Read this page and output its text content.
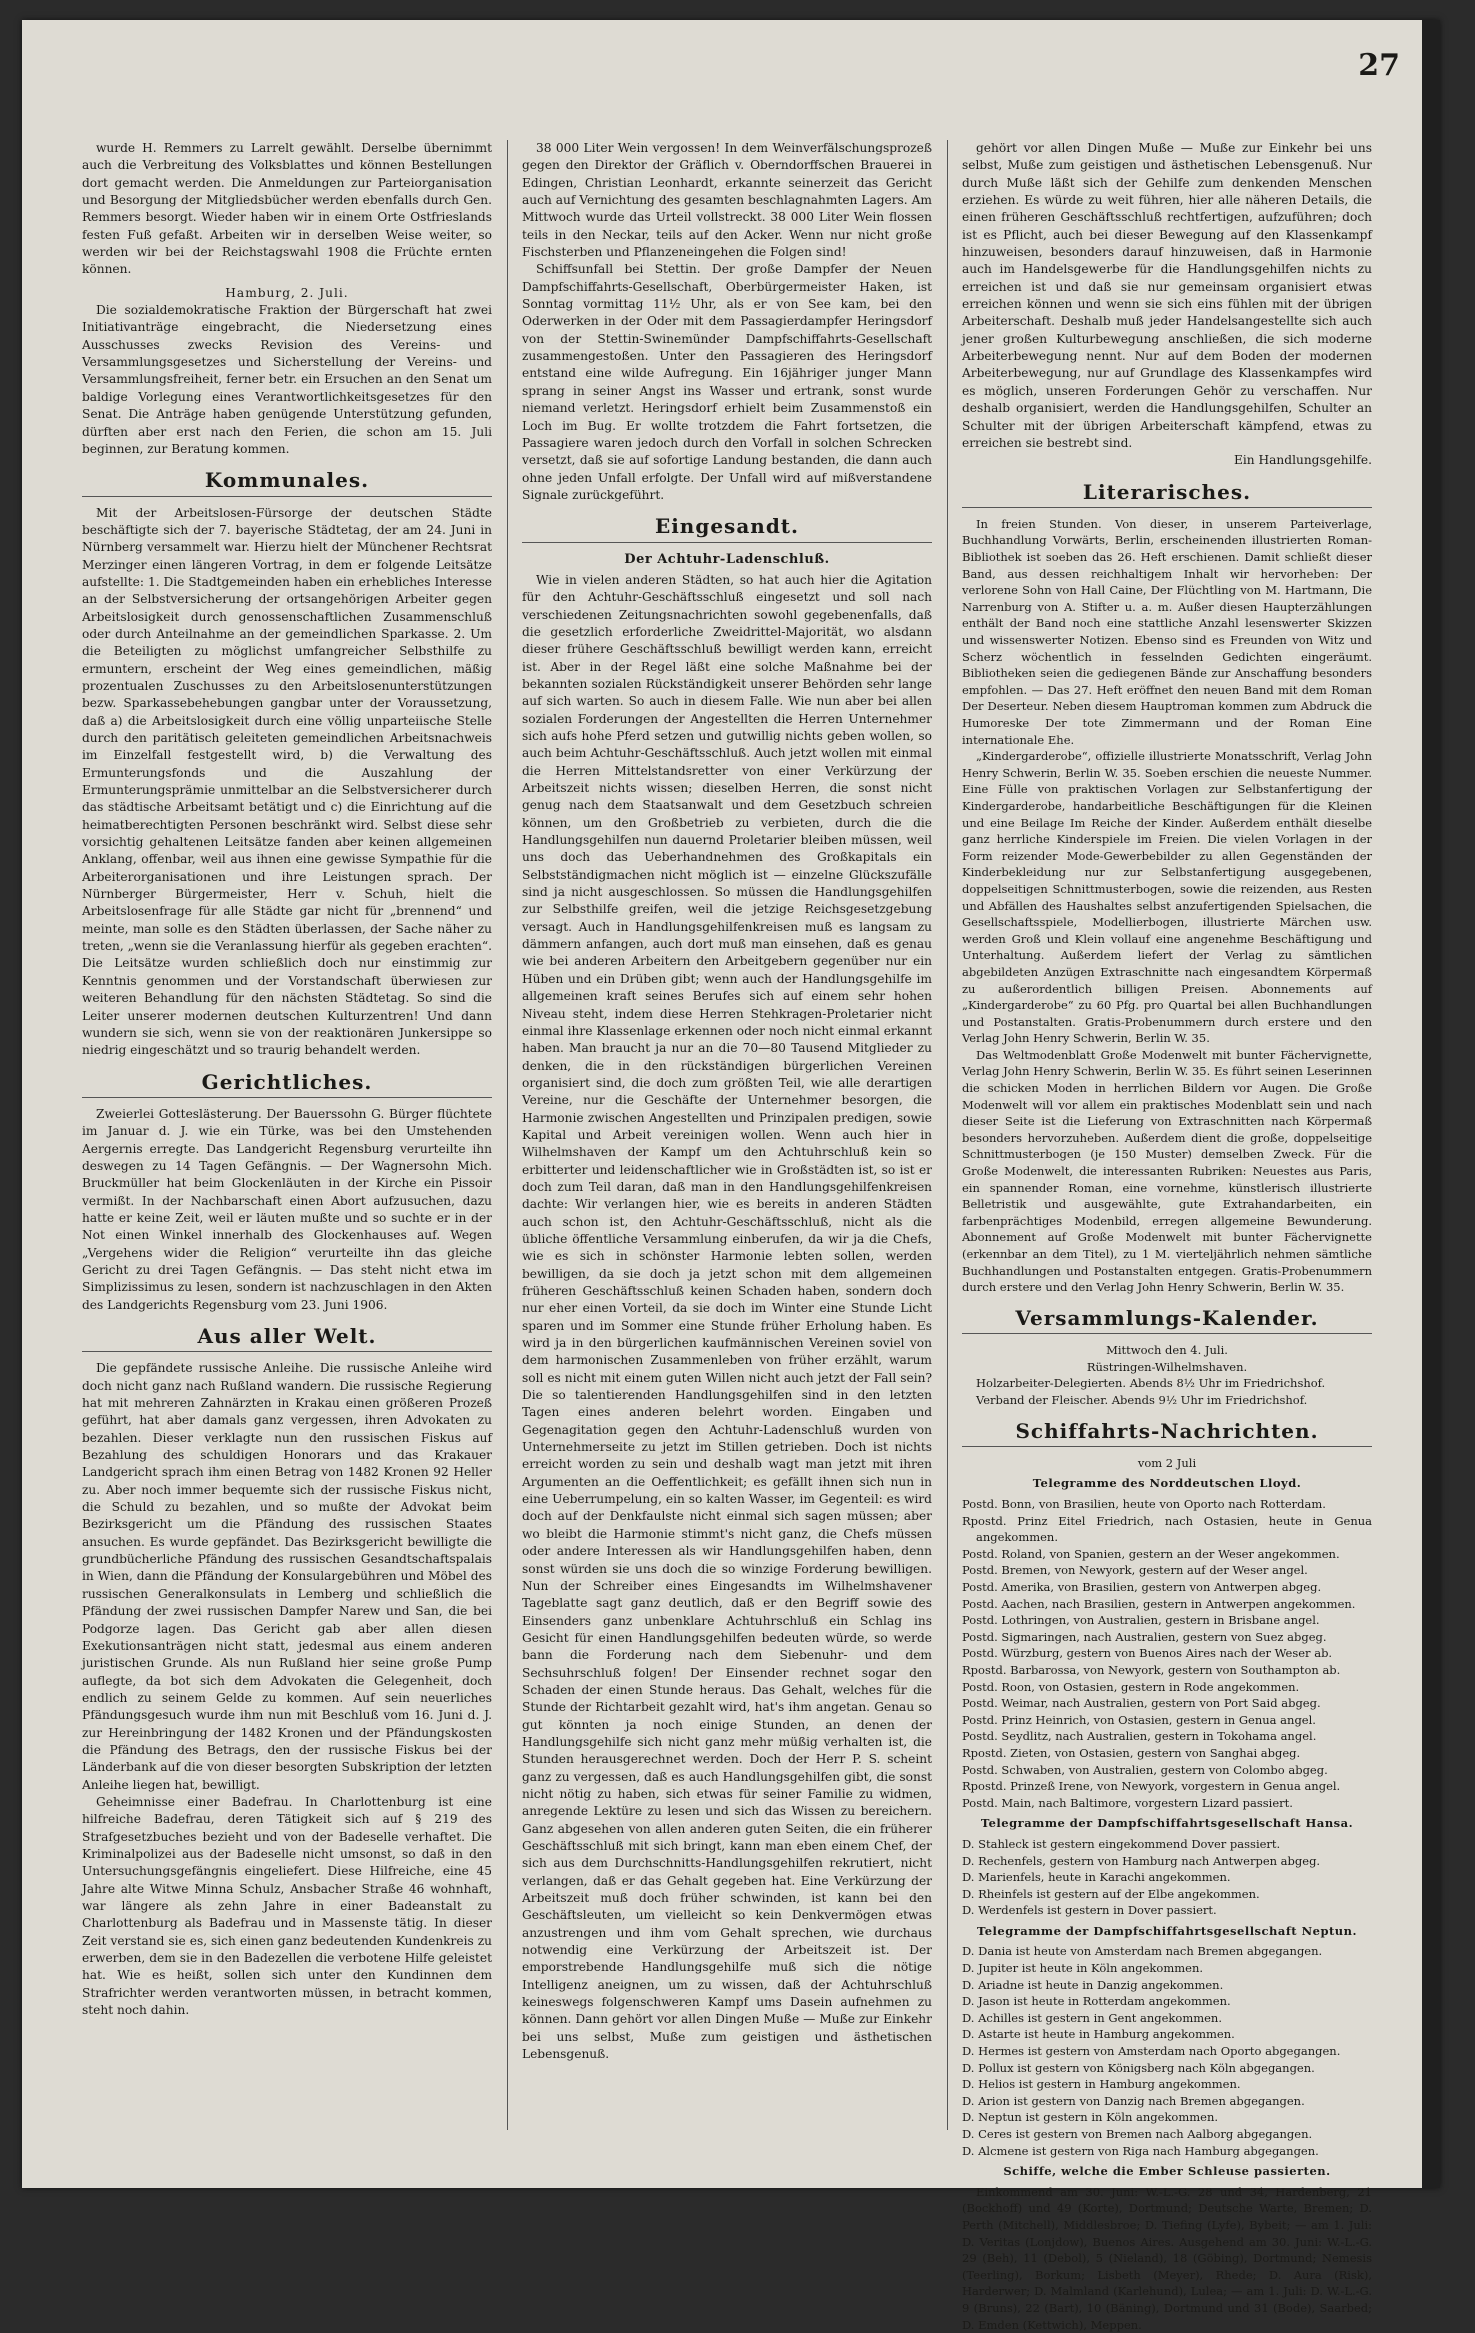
27

wurde H. Remmers zu Larrelt gewählt. Derselbe übernimmt auch die Verbreitung des Volksblattes und können Bestellungen dort gemacht werden. Die Anmeldungen zur Parteiorganisation und Besorgung der Mitgliedsbücher werden ebenfalls durch Gen. Remmers besorgt. Wieder haben wir in einem Orte Ostfrieslands festen Fuß gefaßt. Arbeiten wir in derselben Weise weiter, so werden wir bei der Reichstagswahl 1908 die Früchte ernten können.

Hamburg, 2. Juli.

Die sozialdemokratische Fraktion der Bürgerschaft hat zwei Initiativanträge eingebracht, die Niedersetzung eines Ausschusses zwecks Revision des Vereins- und Versammlungsgesetzes und Sicherstellung der Vereins- und Versammlungsfreiheit, ferner betr. ein Ersuchen an den Senat um baldige Vorlegung eines Verantwortlichkeitsgesetzes für den Senat. Die Anträge haben genügende Unterstützung gefunden, dürften aber erst nach den Ferien, die schon am 15. Juli beginnen, zur Beratung kommen.

Kommunales.

Mit der Arbeitslosen-Fürsorge der deutschen Städte beschäftigte sich der 7. bayerische Städtetag, der am 24. Juni in Nürnberg versammelt war. Hierzu hielt der Münchener Rechtsrat Merzinger einen längeren Vortrag, in dem er folgende Leitsätze aufstellte: 1. Die Stadtgemeinden haben ein erhebliches Interesse an der Selbstversicherung der ortsangehörigen Arbeiter gegen Arbeitslosigkeit durch genossenschaftlichen Zusammenschluß oder durch Anteilnahme an der gemeindlichen Sparkasse. 2. Um die Beteiligten zu möglichst umfangreicher Selbsthilfe zu ermuntern, erscheint der Weg eines gemeindlichen, mäßig prozentualen Zuschusses zu den Arbeitslosenunterstützungen bezw. Sparkassebehebungen gangbar unter der Voraussetzung, daß a) die Arbeitslosigkeit durch eine völlig unparteiische Stelle durch den paritätisch geleiteten gemeindlichen Arbeitsnachweis im Einzelfall festgestellt wird, b) die Verwaltung des Ermunterungsfonds und die Auszahlung der Ermunterungsprämie unmittelbar an die Selbstversicherer durch das städtische Arbeitsamt betätigt und c) die Einrichtung auf die heimatberechtigten Personen beschränkt wird. Selbst diese sehr vorsichtig gehaltenen Leitsätze fanden aber keinen allgemeinen Anklang, offenbar, weil aus ihnen eine gewisse Sympathie für die Arbeiterorganisationen und ihre Leistungen sprach. Der Nürnberger Bürgermeister, Herr v. Schuh, hielt die Arbeitslosenfrage für alle Städte gar nicht für „brennend“ und meinte, man solle es den Städten überlassen, der Sache näher zu treten, „wenn sie die Veranlassung hierfür als gegeben erachten“. Die Leitsätze wurden schließlich doch nur einstimmig zur Kenntnis genommen und der Vorstandschaft überwiesen zur weiteren Behandlung für den nächsten Städtetag. So sind die Leiter unserer modernen deutschen Kulturzentren! Und dann wundern sie sich, wenn sie von der reaktionären Junkersippe so niedrig eingeschätzt und so traurig behandelt werden.

Gerichtliches.

Zweierlei Gotteslästerung. Der Bauerssohn G. Bürger flüchtete im Januar d. J. wie ein Türke, was bei den Umstehenden Aergernis erregte. Das Landgericht Regensburg verurteilte ihn deswegen zu 14 Tagen Gefängnis. — Der Wagnersohn Mich. Bruckmüller hat beim Glockenläuten in der Kirche ein Pissoir vermißt. In der Nachbarschaft einen Abort aufzusuchen, dazu hatte er keine Zeit, weil er läuten mußte und so suchte er in der Not einen Winkel innerhalb des Glockenhauses auf. Wegen „Vergehens wider die Religion“ verurteilte ihn das gleiche Gericht zu drei Tagen Gefängnis. — Das steht nicht etwa im Simplizissimus zu lesen, sondern ist nachzuschlagen in den Akten des Landgerichts Regensburg vom 23. Juni 1906.

Aus aller Welt.

Die gepfändete russische Anleihe. Die russische Anleihe wird doch nicht ganz nach Rußland wandern. Die russische Regierung hat mit mehreren Zahnärzten in Krakau einen größeren Prozeß geführt, hat aber damals ganz vergessen, ihren Advokaten zu bezahlen. Dieser verklagte nun den russischen Fiskus auf Bezahlung des schuldigen Honorars und das Krakauer Landgericht sprach ihm einen Betrag von 1482 Kronen 92 Heller zu. Aber noch immer bequemte sich der russische Fiskus nicht, die Schuld zu bezahlen, und so mußte der Advokat beim Bezirksgericht um die Pfändung des russischen Staates ansuchen. Es wurde gepfändet. Das Bezirksgericht bewilligte die grundbücherliche Pfändung des russischen Gesandtschaftspalais in Wien, dann die Pfändung der Konsulargebühren und Möbel des russischen Generalkonsulats in Lemberg und schließlich die Pfändung der zwei russischen Dampfer Narew und San, die bei Podgorze lagen. Das Gericht gab aber allen diesen Exekutionsanträgen nicht statt, jedesmal aus einem anderen juristischen Grunde. Als nun Rußland hier seine große Pump auflegte, da bot sich dem Advokaten die Gelegenheit, doch endlich zu seinem Gelde zu kommen. Auf sein neuerliches Pfändungsgesuch wurde ihm nun mit Beschluß vom 16. Juni d. J. zur Hereinbringung der 1482 Kronen und der Pfändungskosten die Pfändung des Betrags, den der russische Fiskus bei der Länderbank auf die von dieser besorgten Subskription der letzten Anleihe liegen hat, bewilligt.

Geheimnisse einer Badefrau. In Charlottenburg ist eine hilfreiche Badefrau, deren Tätigkeit sich auf § 219 des Strafgesetzbuches bezieht und von der Badeselle verhaftet. Die Kriminalpolizei aus der Badeselle nicht umsonst, so daß in den Untersuchungsgefängnis eingeliefert. Diese Hilfreiche, eine 45 Jahre alte Witwe Minna Schulz, Ansbacher Straße 46 wohnhaft, war längere als zehn Jahre in einer Badeanstalt zu Charlottenburg als Badefrau und in Massenste tätig. In dieser Zeit verstand sie es, sich einen ganz bedeutenden Kundenkreis zu erwerben, dem sie in den Badezellen die verbotene Hilfe geleistet hat. Wie es heißt, sollen sich unter den Kundinnen dem Strafrichter werden verantworten müssen, in betracht kommen, steht noch dahin.

38 000 Liter Wein vergossen! In dem Weinverfälschungsprozeß gegen den Direktor der Gräflich v. Oberndorffschen Brauerei in Edingen, Christian Leonhardt, erkannte seinerzeit das Gericht auch auf Vernichtung des gesamten beschlagnahmten Lagers. Am Mittwoch wurde das Urteil vollstreckt. 38 000 Liter Wein flossen teils in den Neckar, teils auf den Acker. Wenn nur nicht große Fischsterben und Pflanzeneingehen die Folgen sind!

Schiffsunfall bei Stettin. Der große Dampfer der Neuen Dampfschiffahrts-Gesellschaft, Oberbürgermeister Haken, ist Sonntag vormittag 11½ Uhr, als er von See kam, bei den Oderwerken in der Oder mit dem Passagierdampfer Heringsdorf von der Stettin-Swinemünder Dampfschiffahrts-Gesellschaft zusammengestoßen. Unter den Passagieren des Heringsdorf entstand eine wilde Aufregung. Ein 16jähriger junger Mann sprang in seiner Angst ins Wasser und ertrank, sonst wurde niemand verletzt. Heringsdorf erhielt beim Zusammenstoß ein Loch im Bug. Er wollte trotzdem die Fahrt fortsetzen, die Passagiere waren jedoch durch den Vorfall in solchen Schrecken versetzt, daß sie auf sofortige Landung bestanden, die dann auch ohne jeden Unfall erfolgte. Der Unfall wird auf mißverstandene Signale zurückgeführt.

Eingesandt.
Der Achtuhr-Ladenschluß.

Wie in vielen anderen Städten, so hat auch hier die Agitation für den Achtuhr-Geschäftsschluß eingesetzt und soll nach verschiedenen Zeitungsnachrichten sowohl gegebenenfalls, daß die gesetzlich erforderliche Zweidrittel-Majorität, wo alsdann dieser frühere Geschäftsschluß bewilligt werden kann, erreicht ist. Aber in der Regel läßt eine solche Maßnahme bei der bekannten sozialen Rückständigkeit unserer Behörden sehr lange auf sich warten. So auch in diesem Falle. Wie nun aber bei allen sozialen Forderungen der Angestellten die Herren Unternehmer sich aufs hohe Pferd setzen und gutwillig nichts geben wollen, so auch beim Achtuhr-Geschäftsschluß. Auch jetzt wollen mit einmal die Herren Mittelstandsretter von einer Verkürzung der Arbeitszeit nichts wissen; dieselben Herren, die sonst nicht genug nach dem Staatsanwalt und dem Gesetzbuch schreien können, um den Großbetrieb zu verbieten, durch die die Handlungsgehilfen nun dauernd Proletarier bleiben müssen, weil uns doch das Ueberhandnehmen des Großkapitals ein Selbstständigmachen nicht möglich ist — einzelne Glückszufälle sind ja nicht ausgeschlossen. So müssen die Handlungsgehilfen zur Selbsthilfe greifen, weil die jetzige Reichsgesetzgebung versagt. Auch in Handlungsgehilfenkreisen muß es langsam zu dämmern anfangen, auch dort muß man einsehen, daß es genau wie bei anderen Arbeitern den Arbeitgebern gegenüber nur ein Hüben und ein Drüben gibt; wenn auch der Handlungsgehilfe im allgemeinen kraft seines Berufes sich auf einem sehr hohen Niveau steht, indem diese Herren Stehkragen-Proletarier nicht einmal ihre Klassenlage erkennen oder noch nicht einmal erkannt haben. Man braucht ja nur an die 70—80 Tausend Mitglieder zu denken, die in den rückständigen bürgerlichen Vereinen organisiert sind, die doch zum größten Teil, wie alle derartigen Vereine, nur die Geschäfte der Unternehmer besorgen, die Harmonie zwischen Angestellten und Prinzipalen predigen, sowie Kapital und Arbeit vereinigen wollen. Wenn auch hier in Wilhelmshaven der Kampf um den Achtuhrschluß kein so erbitterter und leidenschaftlicher wie in Großstädten ist, so ist er doch zum Teil daran, daß man in den Handlungsgehilfenkreisen dachte: Wir verlangen hier, wie es bereits in anderen Städten auch schon ist, den Achtuhr-Geschäftsschluß, nicht als die übliche öffentliche Versammlung einberufen, da wir ja die Chefs, wie es sich in schönster Harmonie lebten sollen, werden bewilligen, da sie doch ja jetzt schon mit dem allgemeinen früheren Geschäftsschluß keinen Schaden haben, sondern doch nur eher einen Vorteil, da sie doch im Winter eine Stunde Licht sparen und im Sommer eine Stunde früher Erholung haben. Es wird ja in den bürgerlichen kaufmännischen Vereinen soviel von dem harmonischen Zusammenleben von früher erzählt, warum soll es nicht mit einem guten Willen nicht auch jetzt der Fall sein? Die so talentierenden Handlungsgehilfen sind in den letzten Tagen eines anderen belehrt worden. Eingaben und Gegenagitation gegen den Achtuhr-Ladenschluß wurden von Unternehmerseite zu jetzt im Stillen getrieben. Doch ist nichts erreicht worden zu sein und deshalb wagt man jetzt mit ihren Argumenten an die Oeffentlichkeit; es gefällt ihnen sich nun in eine Ueberrumpelung, ein so kalten Wasser, im Gegenteil: es wird doch auf der Denkfaulste nicht einmal sich sagen müssen; aber wo bleibt die Harmonie stimmt's nicht ganz, die Chefs müssen oder andere Interessen als wir Handlungsgehilfen haben, denn sonst würden sie uns doch die so winzige Forderung bewilligen. Nun der Schreiber eines Eingesandts im Wilhelmshavener Tageblatte sagt ganz deutlich, daß er den Begriff sowie des Einsenders ganz unbenklare Achtuhrschluß ein Schlag ins Gesicht für einen Handlungsgehilfen bedeuten würde, so werde bann die Forderung nach dem Siebenuhr- und dem Sechsuhrschluß folgen! Der Einsender rechnet sogar den Schaden der einen Stunde heraus. Das Gehalt, welches für die Stunde der Richtarbeit gezahlt wird, hat's ihm angetan. Genau so gut könnten ja noch einige Stunden, an denen der Handlungsgehilfe sich nicht ganz mehr müßig verhalten ist, die Stunden herausgerechnet werden. Doch der Herr P. S. scheint ganz zu vergessen, daß es auch Handlungsgehilfen gibt, die sonst nicht nötig zu haben, sich etwas für seiner Familie zu widmen, anregende Lektüre zu lesen und sich das Wissen zu bereichern. Ganz abgesehen von allen anderen guten Seiten, die ein früherer Geschäftsschluß mit sich bringt, kann man eben einem Chef, der sich aus dem Durchschnitts-Handlungsgehilfen rekrutiert, nicht verlangen, daß er das Gehalt gegeben hat. Eine Verkürzung der Arbeitszeit muß doch früher schwinden, ist kann bei den Geschäftsleuten, um vielleicht so kein Denkvermögen etwas anzustrengen und ihm vom Gehalt sprechen, wie durchaus notwendig eine Verkürzung der Arbeitszeit ist. Der emporstrebende Handlungsgehilfe muß sich die nötige Intelligenz aneignen, um zu wissen, daß der Achtuhrschluß keineswegs folgenschweren Kampf ums Dasein aufnehmen zu können. Dann gehört vor allen Dingen Muße — Muße zur Einkehr bei uns selbst, Muße zum geistigen und ästhetischen Lebensgenuß.

gehört vor allen Dingen Muße — Muße zur Einkehr bei uns selbst, Muße zum geistigen und ästhetischen Lebensgenuß. Nur durch Muße läßt sich der Gehilfe zum denkenden Menschen erziehen. Es würde zu weit führen, hier alle näheren Details, die einen früheren Geschäftsschluß rechtfertigen, aufzuführen; doch ist es Pflicht, auch bei dieser Bewegung auf den Klassenkampf hinzuweisen, besonders darauf hinzuweisen, daß in Harmonie auch im Handelsgewerbe für die Handlungsgehilfen nichts zu erreichen ist und daß sie nur gemeinsam organisiert etwas erreichen können und wenn sie sich eins fühlen mit der übrigen Arbeiterschaft. Deshalb muß jeder Handelsangestellte sich auch jener großen Kulturbewegung anschließen, die sich moderne Arbeiterbewegung nennt. Nur auf dem Boden der modernen Arbeiterbewegung, nur auf Grundlage des Klassenkampfes wird es möglich, unseren Forderungen Gehör zu verschaffen. Nur deshalb organisiert, werden die Handlungsgehilfen, Schulter an Schulter mit der übrigen Arbeiterschaft kämpfend, etwas zu erreichen sie bestrebt sind.

Ein Handlungsgehilfe.

Literarisches.

In freien Stunden. Von dieser, in unserem Parteiverlage, Buchhandlung Vorwärts, Berlin, erscheinenden illustrierten Roman-Bibliothek ist soeben das 26. Heft erschienen. Damit schließt dieser Band, aus dessen reichhaltigem Inhalt wir hervorheben: Der verlorene Sohn von Hall Caine, Der Flüchtling von M. Hartmann, Die Narrenburg von A. Stifter u. a. m. Außer diesen Haupterzählungen enthält der Band noch eine stattliche Anzahl lesenswerter Skizzen und wissenswerter Notizen. Ebenso sind es Freunden von Witz und Scherz wöchentlich in fesselnden Gedichten eingeräumt. Bibliotheken seien die gediegenen Bände zur Anschaffung besonders empfohlen. — Das 27. Heft eröffnet den neuen Band mit dem Roman Der Deserteur. Neben diesem Hauptroman kommen zum Abdruck die Humoreske Der tote Zimmermann und der Roman Eine internationale Ehe.

„Kindergarderobe“, offizielle illustrierte Monatsschrift, Verlag John Henry Schwerin, Berlin W. 35. Soeben erschien die neueste Nummer. Eine Fülle von praktischen Vorlagen zur Selbstanfertigung der Kindergarderobe, handarbeitliche Beschäftigungen für die Kleinen und eine Beilage Im Reiche der Kinder. Außerdem enthält dieselbe ganz herrliche Kinderspiele im Freien. Die vielen Vorlagen in der Form reizender Mode-Gewerbebilder zu allen Gegenständen der Kinderbekleidung nur zur Selbstanfertigung ausgegebenen, doppelseitigen Schnittmusterbogen, sowie die reizenden, aus Resten und Abfällen des Haushaltes selbst anzufertigenden Spielsachen, die Gesellschaftsspiele, Modellierbogen, illustrierte Märchen usw. werden Groß und Klein vollauf eine angenehme Beschäftigung und Unterhaltung. Außerdem liefert der Verlag zu sämtlichen abgebildeten Anzügen Extraschnitte nach eingesandtem Körpermaß zu außerordentlich billigen Preisen. Abonnements auf „Kindergarderobe“ zu 60 Pfg. pro Quartal bei allen Buchhandlungen und Postanstalten. Gratis-Probenummern durch erstere und den Verlag John Henry Schwerin, Berlin W. 35.

Das Weltmodenblatt Große Modenwelt mit bunter Fächervignette, Verlag John Henry Schwerin, Berlin W. 35. Es führt seinen Leserinnen die schicken Moden in herrlichen Bildern vor Augen. Die Große Modenwelt will vor allem ein praktisches Modenblatt sein und nach dieser Seite ist die Lieferung von Extraschnitten nach Körpermaß besonders hervorzuheben. Außerdem dient die große, doppelseitige Schnittmusterbogen (je 150 Muster) demselben Zweck. Für die Große Modenwelt, die interessanten Rubriken: Neuestes aus Paris, ein spannender Roman, eine vornehme, künstlerisch illustrierte Belletristik und ausgewählte, gute Extrahandarbeiten, ein farbenprächtiges Modenbild, erregen allgemeine Bewunderung. Abonnement auf Große Modenwelt mit bunter Fächervignette (erkennbar an dem Titel), zu 1 M. vierteljährlich nehmen sämtliche Buchhandlungen und Postanstalten entgegen. Gratis-Probenummern durch erstere und den Verlag John Henry Schwerin, Berlin W. 35.

Versammlungs-Kalender.

Mittwoch den 4. Juli.

Rüstringen-Wilhelmshaven.

Holzarbeiter-Delegierten. Abends 8½ Uhr im Friedrichshof.

Verband der Fleischer. Abends 9½ Uhr im Friedrichshof.

Schiffahrts-Nachrichten.

vom 2 Juli

Telegramme des Norddeutschen Lloyd.

Postd. Bonn, von Brasilien, heute von Oporto nach Rotterdam.

Rpostd. Prinz Eitel Friedrich, nach Ostasien, heute in Genua angekommen.

Postd. Roland, von Spanien, gestern an der Weser angekommen.

Postd. Bremen, von Newyork, gestern auf der Weser angel.

Postd. Amerika, von Brasilien, gestern von Antwerpen abgeg.

Postd. Aachen, nach Brasilien, gestern in Antwerpen angekommen.

Postd. Lothringen, von Australien, gestern in Brisbane angel.

Postd. Sigmaringen, nach Australien, gestern von Suez abgeg.

Postd. Würzburg, gestern von Buenos Aires nach der Weser ab.

Rpostd. Barbarossa, von Newyork, gestern von Southampton ab.

Postd. Roon, von Ostasien, gestern in Rode angekommen.

Postd. Weimar, nach Australien, gestern von Port Said abgeg.

Postd. Prinz Heinrich, von Ostasien, gestern in Genua angel.

Postd. Seydlitz, nach Australien, gestern in Tokohama angel.

Rpostd. Zieten, von Ostasien, gestern von Sanghai abgeg.

Postd. Schwaben, von Australien, gestern von Colombo abgeg.

Rpostd. Prinzeß Irene, von Newyork, vorgestern in Genua angel.

Postd. Main, nach Baltimore, vorgestern Lizard passiert.

Telegramme der Dampfschiffahrtsgesellschaft Hansa.

D. Stahleck ist gestern eingekommend Dover passiert.

D. Rechenfels, gestern von Hamburg nach Antwerpen abgeg.

D. Marienfels, heute in Karachi angekommen.

D. Rheinfels ist gestern auf der Elbe angekommen.

D. Werdenfels ist gestern in Dover passiert.

Telegramme der Dampfschiffahrtsgesellschaft Neptun.

D. Dania ist heute von Amsterdam nach Bremen abgegangen.

D. Jupiter ist heute in Köln angekommen.

D. Ariadne ist heute in Danzig angekommen.

D. Jason ist heute in Rotterdam angekommen.

D. Achilles ist gestern in Gent angekommen.

D. Astarte ist heute in Hamburg angekommen.

D. Hermes ist gestern von Amsterdam nach Oporto abgegangen.

D. Pollux ist gestern von Königsberg nach Köln abgegangen.

D. Helios ist gestern in Hamburg angekommen.

D. Arion ist gestern von Danzig nach Bremen abgegangen.

D. Neptun ist gestern in Köln angekommen.

D. Ceres ist gestern von Bremen nach Aalborg abgegangen.

D. Alcmene ist gestern von Riga nach Hamburg abgegangen.

Schiffe, welche die Ember Schleuse passierten.

Einkommend am 30. Juni: W.-L.-G. 28 und 34, Hardenberg, 21 (Bockhoff) und 49 (Korte), Dortmund; Deutsche Warte, Bremen; D. Perth (Mitchell), Middlesbroe; D. Tiefing (Lyfe), Bybeit; — am 1. Juli: D. Veritas (Lonjdow), Buenos Aires. Ausgehend am 30. Juni: W.-L.-G. 29 (Beh), 11 (Debol), 5 (Nieland), 18 (Göbing), Dortmund; Nemesis (Teerling), Borkum; Lisbeth (Meyer), Rhede; D. Aura (Risk), Harderwer; D. Malmland (Karlehund), Lulea; — am 1. Juli: D. W.-L.-G. 9 (Bruns), 22 (Bart), 10 (Bäning), Dortmund und 31 (Bode), Saarbed; D. Emden (Kettwich), Meppen.
